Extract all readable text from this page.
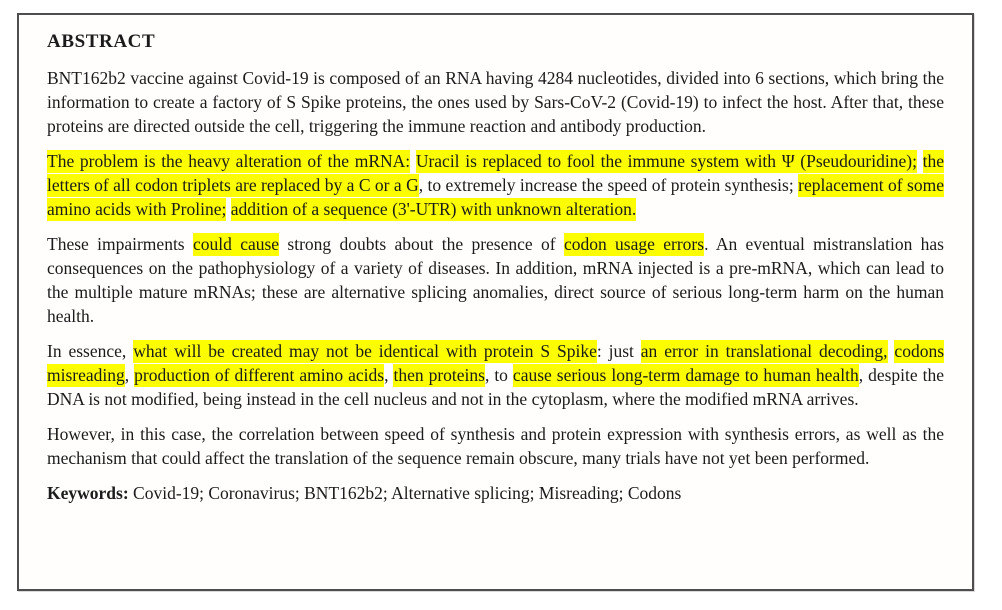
ABSTRACT

BNT162b2 vaccine against Covid-19 is composed of an RNA having 4284 nucleotides, divided into 6 sections, which bring the information to create a factory of S Spike proteins, the ones used by Sars-CoV-2 (Covid-19) to infect the host. After that, these proteins are directed outside the cell, triggering the immune reaction and antibody production.

The problem is the heavy alteration of the mRNA: Uracil is replaced to fool the immune system with Ψ (Pseudouridine); the letters of all codon triplets are replaced by a C or a G, to extremely increase the speed of protein synthesis; replacement of some amino acids with Proline; addition of a sequence (3'-UTR) with unknown alteration.

These impairments could cause strong doubts about the presence of codon usage errors. An eventual mistranslation has consequences on the pathophysiology of a variety of diseases. In addition, mRNA injected is a pre-mRNA, which can lead to the multiple mature mRNAs; these are alternative splicing anomalies, direct source of serious long-term harm on the human health.

In essence, what will be created may not be identical with protein S Spike: just an error in translational decoding, codons misreading, production of different amino acids, then proteins, to cause serious long-term damage to human health, despite the DNA is not modified, being instead in the cell nucleus and not in the cytoplasm, where the modified mRNA arrives.

However, in this case, the correlation between speed of synthesis and protein expression with synthesis errors, as well as the mechanism that could affect the translation of the sequence remain obscure, many trials have not yet been performed.

Keywords: Covid-19; Coronavirus; BNT162b2; Alternative splicing; Misreading; Codons
